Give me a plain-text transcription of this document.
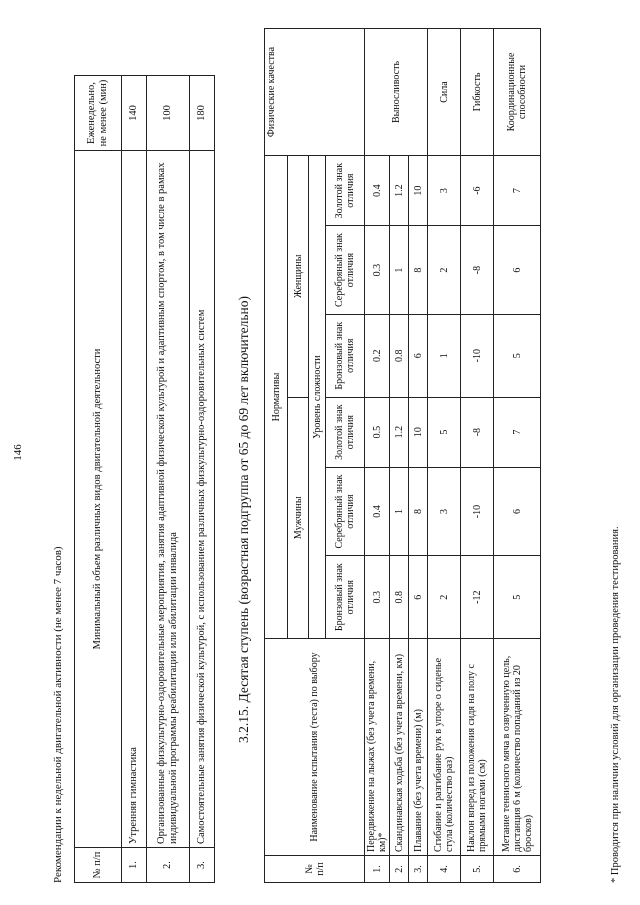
146
Рекомендации к недельной двигательной активности (не менее 7 часов)	№ п/п	Минимальный объем различных видов двигательной деятельности	Еженедельно, не менее (мин)
1.	Утренняя гимнастика	140
2.	Организованные физкультурно-оздоровительные мероприятия, занятия адаптивной физической культурой и адаптивным спортом, в том числе в рамках индивидуальной программы реабилитации или абилитации инвалида	100
3.	Самостоятельные занятия физической культурой, с использованием различных физкультурно-оздоровительных систем	180
3.2.15. Десятая ступень (возрастная подгруппа от 65 до 69 лет включительно)
№ п/п	Наименование испытания (теста) по выбору	Нормативы						Физические качества
		Мужчины			Женщины			
		Уровень сложности						
		Бронзовый знак отличия	Серебряный знак отличия	Золотой знак отличия	Бронзовый знак отличия	Серебряный знак отличия	Золотой знак отличия	
1.	Передвижение на лыжах (без учета времени, км)*	0.3	0.4	0.5	0.2	0.3	0.4	Выносливость
2.	Скандинавская ходьба (без учета времени, км)	0.8	1	1.2	0.8	1	1.2	
3.	Плавание (без учета времени) (м)	6	8	10	6	8	10	
4.	Сгибание и разгибание рук в упоре о сиденье стула (количество раз)	2	3	5	1	2	3	Сила
5.	Наклон вперед из положения сидя на полу с прямыми ногами (см)	-12	-10	-8	-10	-8	-6	Гибкость
6.	Метание теннисного мяча в озвученную цель, дистанция 6 м (количество попаданий из 20 бросков)	5	6	7	5	6	7	Координационные способности
* Проводится при наличии условий для организации проведения тестирования.
